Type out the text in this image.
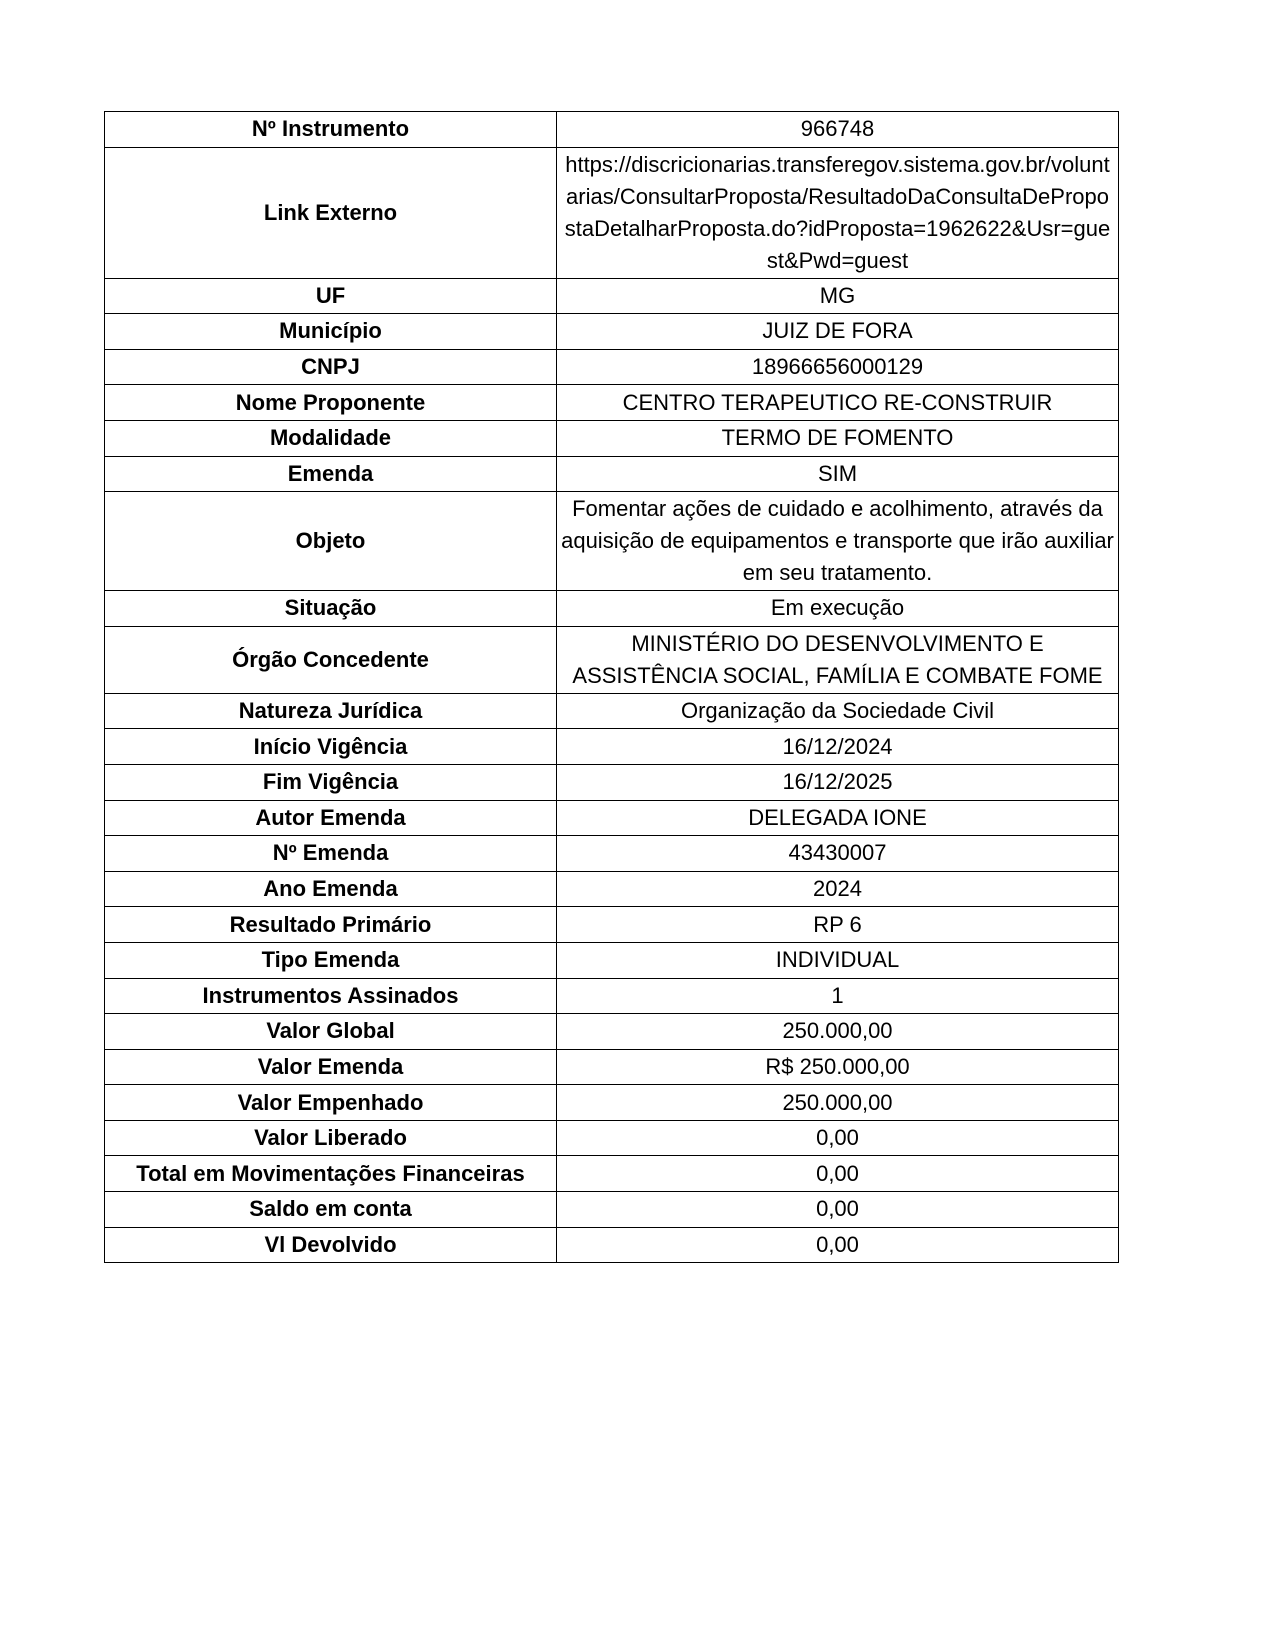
Nº Instrumento	966748
Link Externo	https://discricionarias.transferegov.sistema.gov.br/voluntarias/ConsultarProposta/ResultadoDaConsultaDePropostaDetalharProposta.do?idProposta=1962622&Usr=guest&Pwd=guest
UF	MG
Município	JUIZ DE FORA
CNPJ	18966656000129
Nome Proponente	CENTRO TERAPEUTICO RE-CONSTRUIR
Modalidade	TERMO DE FOMENTO
Emenda	SIM
Objeto	Fomentar ações de cuidado e acolhimento, através da aquisição de equipamentos e transporte que irão auxiliar em seu tratamento.
Situação	Em execução
Órgão Concedente	MINISTÉRIO DO DESENVOLVIMENTO E ASSISTÊNCIA SOCIAL, FAMÍLIA E COMBATE FOME
Natureza Jurídica	Organização da Sociedade Civil
Início Vigência	16/12/2024
Fim Vigência	16/12/2025
Autor Emenda	DELEGADA IONE
Nº Emenda	43430007
Ano Emenda	2024
Resultado Primário	RP 6
Tipo Emenda	INDIVIDUAL
Instrumentos Assinados	1
Valor Global	250.000,00
Valor Emenda	R$ 250.000,00
Valor Empenhado	250.000,00
Valor Liberado	0,00
Total em Movimentações Financeiras	0,00
Saldo em conta	0,00
Vl Devolvido	0,00
